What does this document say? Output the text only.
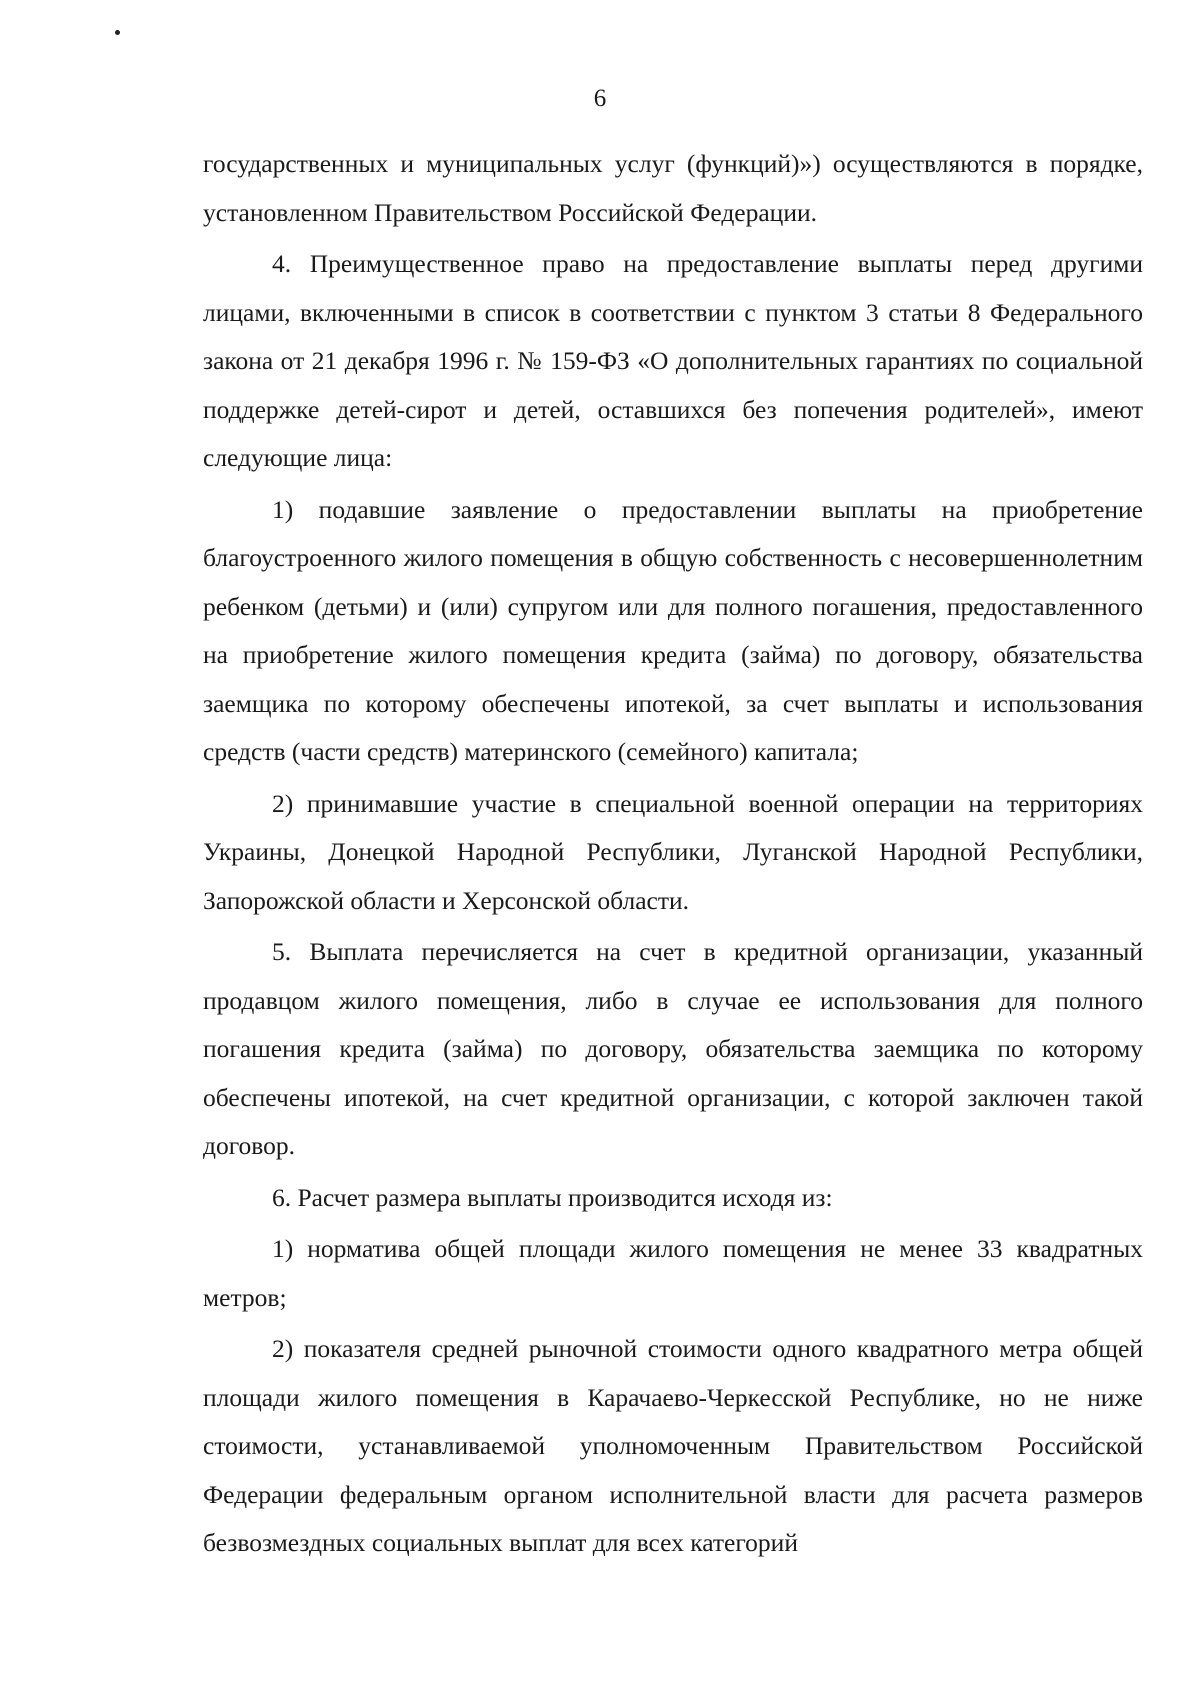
6

государственных и муниципальных услуг (функций)») осуществляются в порядке, установленном Правительством Российской Федерации.

4. Преимущественное право на предоставление выплаты перед другими лицами, включенными в список в соответствии с пунктом 3 статьи 8 Федерального закона от 21 декабря 1996 г. № 159-ФЗ «О дополнительных гарантиях по социальной поддержке детей-сирот и детей, оставшихся без попечения родителей», имеют следующие лица:

1) подавшие заявление о предоставлении выплаты на приобретение благоустроенного жилого помещения в общую собственность с несовершеннолетним ребенком (детьми) и (или) супругом или для полного погашения, предоставленного на приобретение жилого помещения кредита (займа) по договору, обязательства заемщика по которому обеспечены ипотекой, за счет выплаты и использования средств (части средств) материнского (семейного) капитала;

2) принимавшие участие в специальной военной операции на территориях Украины, Донецкой Народной Республики, Луганской Народной Республики, Запорожской области и Херсонской области.

5. Выплата перечисляется на счет в кредитной организации, указанный продавцом жилого помещения, либо в случае ее использования для полного погашения кредита (займа) по договору, обязательства заемщика по которому обеспечены ипотекой, на счет кредитной организации, с которой заключен такой договор.

6. Расчет размера выплаты производится исходя из:

1) норматива общей площади жилого помещения не менее 33 квадратных метров;

2) показателя средней рыночной стоимости одного квадратного метра общей площади жилого помещения в Карачаево-Черкесской Республике, но не ниже стоимости, устанавливаемой уполномоченным Правительством Российской Федерации федеральным органом исполнительной власти для расчета размеров безвозмездных социальных выплат для всех категорий
